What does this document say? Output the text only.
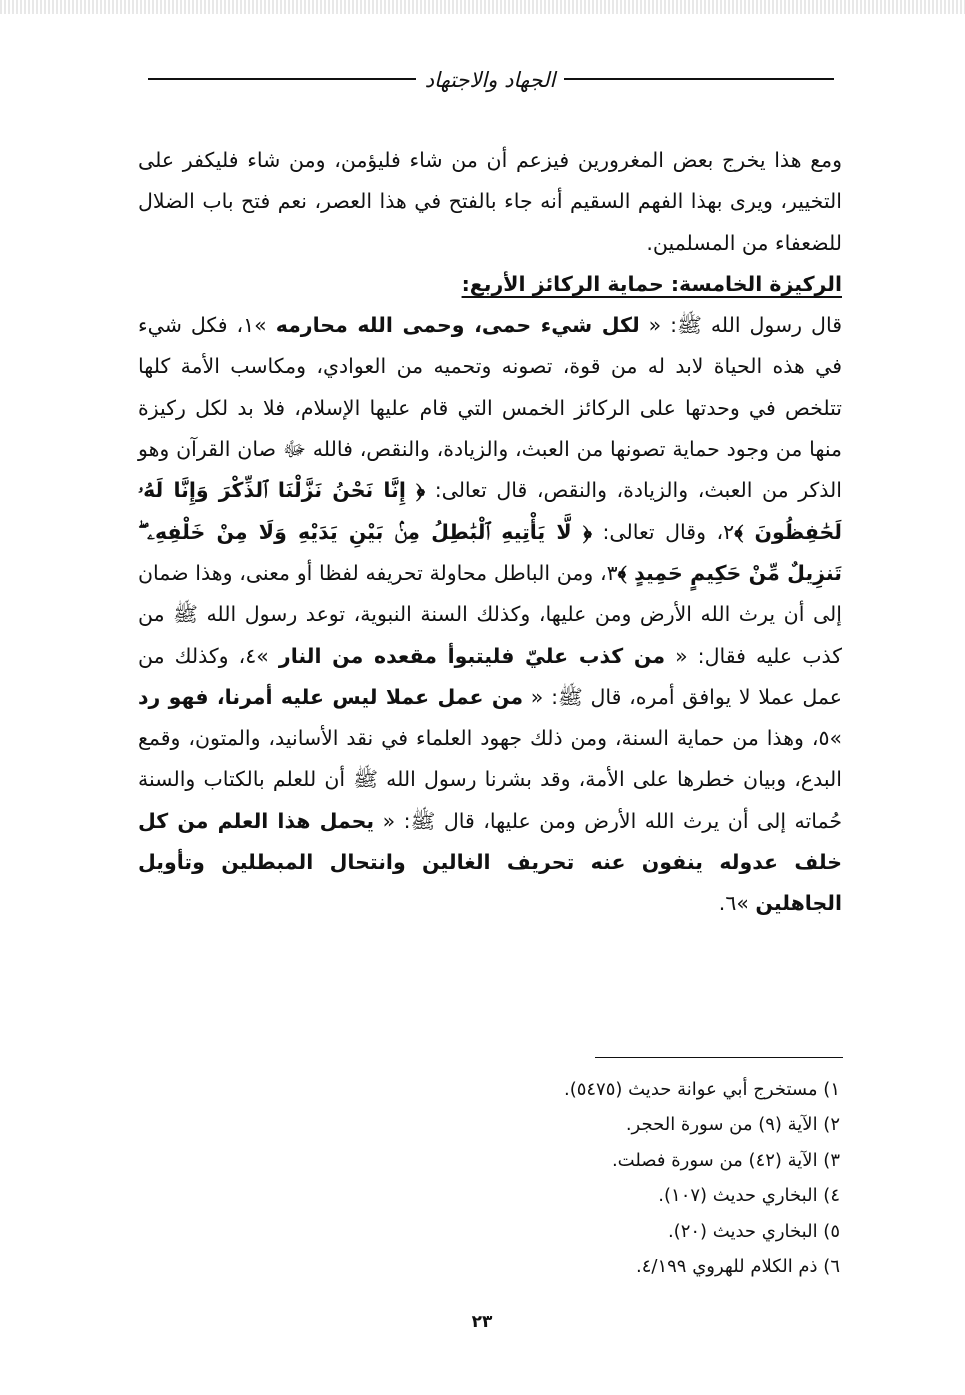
الجهاد والاجتهاد

ومع هذا يخرج بعض المغرورين فيزعم أن من شاء فليؤمن، ومن شاء فليكفر على التخيير، ويرى بهذا الفهم السقيم أنه جاء بالفتح في هذا العصر، نعم فتح باب الضلال للضعفاء من المسلمين.

الركيزة الخامسة: حماية الركائز الأربع:

قال رسول الله ﷺ: « لكل شيء حمى، وحمى الله محارمه »١، فكل شيء في هذه الحياة لابد له من قوة، تصونه وتحميه من العوادي، ومكاسب الأمة كلها تتلخص في وحدتها على الركائز الخمس التي قام عليها الإسلام، فلا بد لكل ركيزة منها من وجود حماية تصونها من العبث، والزيادة، والنقص، فالله ﷻ صان القرآن وهو الذكر من العبث، والزيادة، والنقص، قال تعالى: ﴿ إِنَّا نَحْنُ نَزَّلْنَا ٱلذِّكْرَ وَإِنَّا لَهُۥ لَحَٰفِظُونَ ﴾٢، وقال تعالى: ﴿ لَّا يَأْتِيهِ ٱلْبَٰطِلُ مِنۢ بَيْنِ يَدَيْهِ وَلَا مِنْ خَلْفِهِۦ ۖ تَنزِيلٌ مِّنْ حَكِيمٍ حَمِيدٍ ﴾٣، ومن الباطل محاولة تحريفه لفظا أو معنى، وهذا ضمان إلى أن يرث الله الأرض ومن عليها، وكذلك السنة النبوية، توعد رسول الله ﷺ من كذب عليه فقال: « من كذب عليّ فليتبوأ مقعده من النار »٤، وكذلك من عمل عملا لا يوافق أمره، قال ﷺ: « من عمل عملا ليس عليه أمرنا، فهو رد »٥، وهذا من حماية السنة، ومن ذلك جهود العلماء في نقد الأسانيد، والمتون، وقمع البدع، وبيان خطرها على الأمة، وقد بشرنا رسول الله ﷺ أن للعلم بالكتاب والسنة حُماته إلى أن يرث الله الأرض ومن عليها، قال ﷺ: « يحمل هذا العلم من كل خلف عدوله ينفون عنه تحريف الغالين وانتحال المبطلين وتأويل الجاهلين »٦.

١) مستخرج أبي عوانة حديث (٥٤٧٥).
٢) الآية (٩) من سورة الحجر.
٣) الآية (٤٢) من سورة فصلت.
٤) البخاري حديث (١٠٧).
٥) البخاري حديث (٢٠).
٦) ذم الكلام للهروي ٤/١٩٩.
٢٣
